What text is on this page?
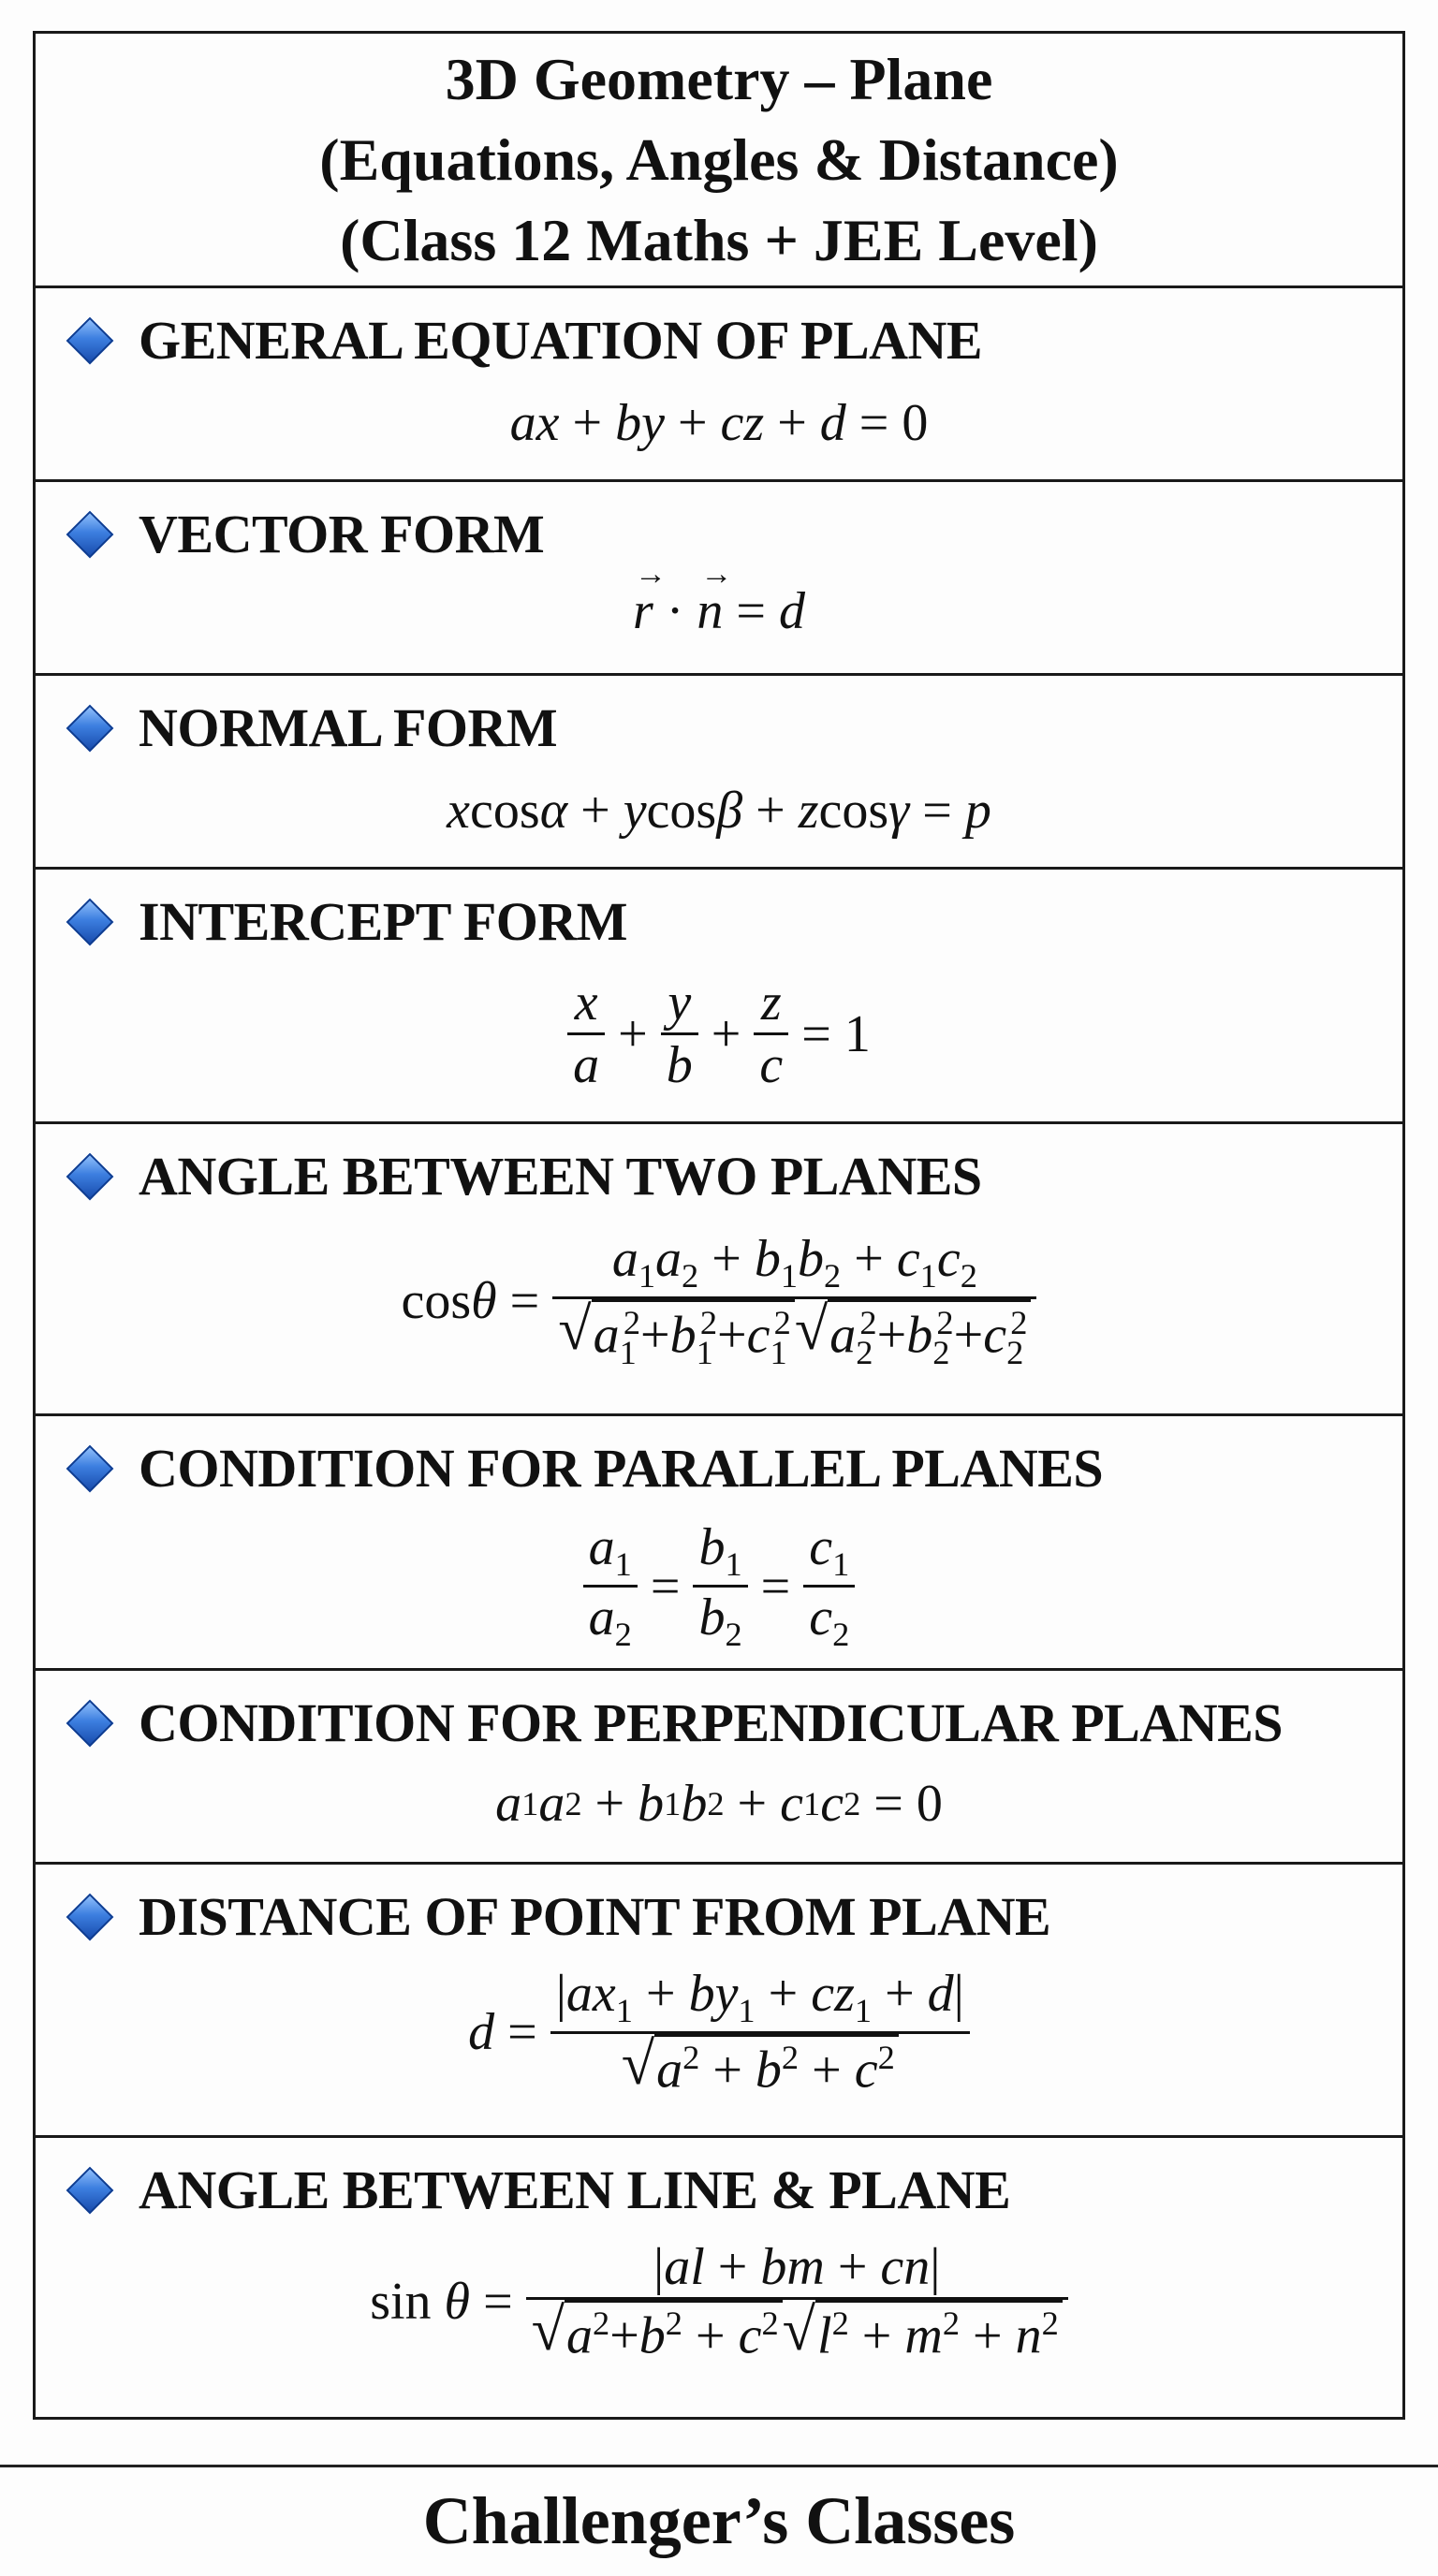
3D Geometry – Plane
(Equations, Angles & Distance)
(Class 12 Maths + JEE Level)
GENERAL EQUATION OF PLANE
ax + by + cz + d = 0
VECTOR FORM
r
→
· n
→
= d
NORMAL FORM
x cos α + y cos β + z cos γ = p
INTERCEPT FORM
$\frac{x}{a} + \frac{y}{b} + \frac{z}{c} = 1$
ANGLE BETWEEN TWO PLANES
$\cos \theta = \frac{a_1a_2 + b_1b_2 + c_1c_2}{√ a_1^2+b_1^2+c_1^2 √ a_2^2+b_2^2+c_2^2}$
CONDITION FOR PARALLEL PLANES
$\frac{a_1}{a_2} = \frac{b_1}{b_2} = \frac{c_1}{c_2}$
CONDITION FOR PERPENDICULAR PLANES
a 1 a 2 + b 1 b 2 + c 1 c 2 = 0
DISTANCE OF POINT FROM PLANE
$d = \frac{|ax_1 + by_1 + cz_1 + d|}{√ a^2 + b^2 + c^2}$
ANGLE BETWEEN LINE & PLANE
sin
$\theta = \frac{|al + bm + cn|}{√ a^2+b^2 + c^2 √ l^2 + m^2 + n^2}$
Challenger’s Classes
